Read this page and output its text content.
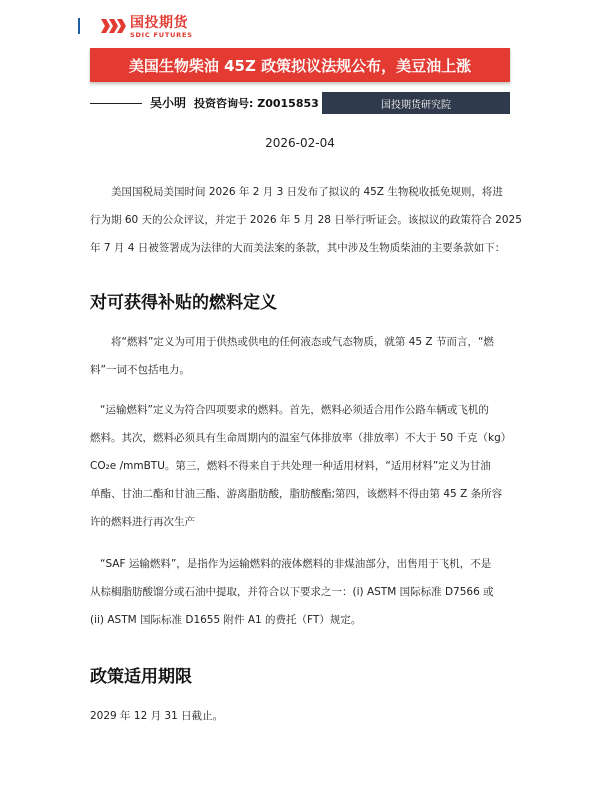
国投期货
SDIC FUTURES
美国生物柴油 45Z 政策拟议法规公布，美豆油上涨
吴小明 投资咨询号: Z0015853	国投期货研究院
2026-02-04

美国国税局美国时间 2026 年 2 月 3 日发布了拟议的 45Z 生物税收抵免规则，将进

行为期 60 天的公众评议，并定于 2026 年 5 月 28 日举行听证会。该拟议的政策符合 2025

年 7 月 4 日被签署成为法律的大而美法案的条款，其中涉及生物质柴油的主要条款如下：

对可获得补贴的燃料定义

将“燃料”定义为可用于供热或供电的任何液态或气态物质，就第 45 Z 节而言，“燃

料”一词不包括电力。

“运输燃料”定义为符合四项要求的燃料。首先，燃料必须适合用作公路车辆或飞机的

燃料。其次，燃料必须具有生命周期内的温室气体排放率（排放率）不大于 50 千克（kg）

CO₂e /mmBTU。第三，燃料不得来自于共处理一种适用材料，“适用材料”定义为甘油

单酯、甘油二酯和甘油三酯、游离脂肪酸，脂肪酸酯;第四，该燃料不得由第 45 Z 条所容

许的燃料进行再次生产

“SAF 运输燃料”，是指作为运输燃料的液体燃料的非煤油部分，出售用于飞机，不是

从棕榈脂肪酸馏分或石油中提取，并符合以下要求之一：(i) ASTM 国际标准 D7566 或

(ii) ASTM 国际标准 D1655 附件 A1 的费托（FT）规定。

政策适用期限

2029 年 12 月 31 日截止。
